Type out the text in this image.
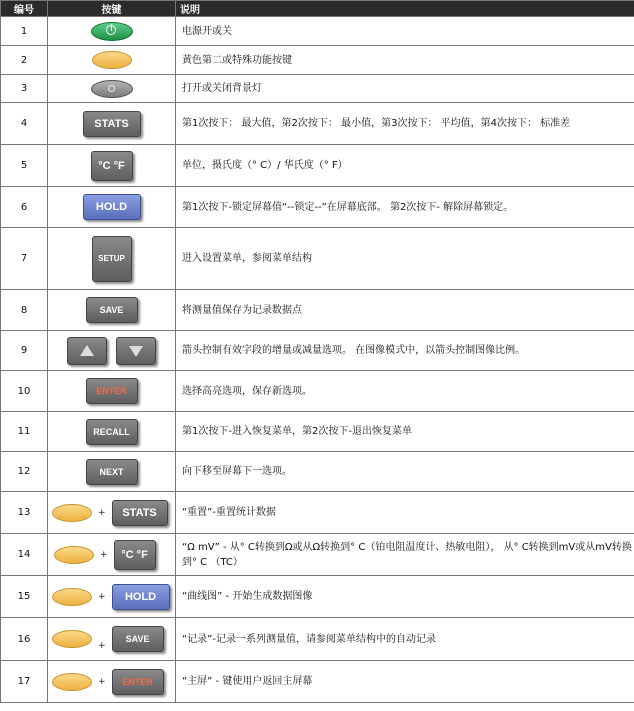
编号	按键	说明
1		电源开或关
2		黄色第二或特殊功能按键
3		打开或关闭背景灯
4	STATS	第1次按下： 最大值，第2次按下： 最小值，第3次按下： 平均值，第4次按下： 标准差
5	°C °F	单位，摄氏度（° C）/ 华氏度（° F）
6	HOLD	第1次按下-锁定屏幕值“--锁定--”在屏幕底部。 第2次按下- 解除屏幕锁定。
7	SETUP	进入设置菜单，参阅菜单结构
8	SAVE	将测量值保存为记录数据点
9		箭头控制有效字段的增量或减量选项。 在图像模式中，以箭头控制图像比例。
10	ENTER	选择高亮选项，保存新选项。
11	RECALL	第1次按下-进入恢复菜单，第2次按下-退出恢复菜单
12	NEXT	向下移至屏幕下一选项。
13	+ STATS	“重置”-重置统计数据
14	+ °C °F	“Ω mV” - 从° C转换到Ω或从Ω转换到° C（铂电阻温度计、热敏电阻）， 从° C转换到mV或从mV转换到° C （TC）
15	+ HOLD	“曲线图” - 开始生成数据图像
16	+SAVE	“记录”-记录一系列测量值，请参阅菜单结构中的自动记录
17	+ ENTER	“主屏” - 键使用户返回主屏幕
